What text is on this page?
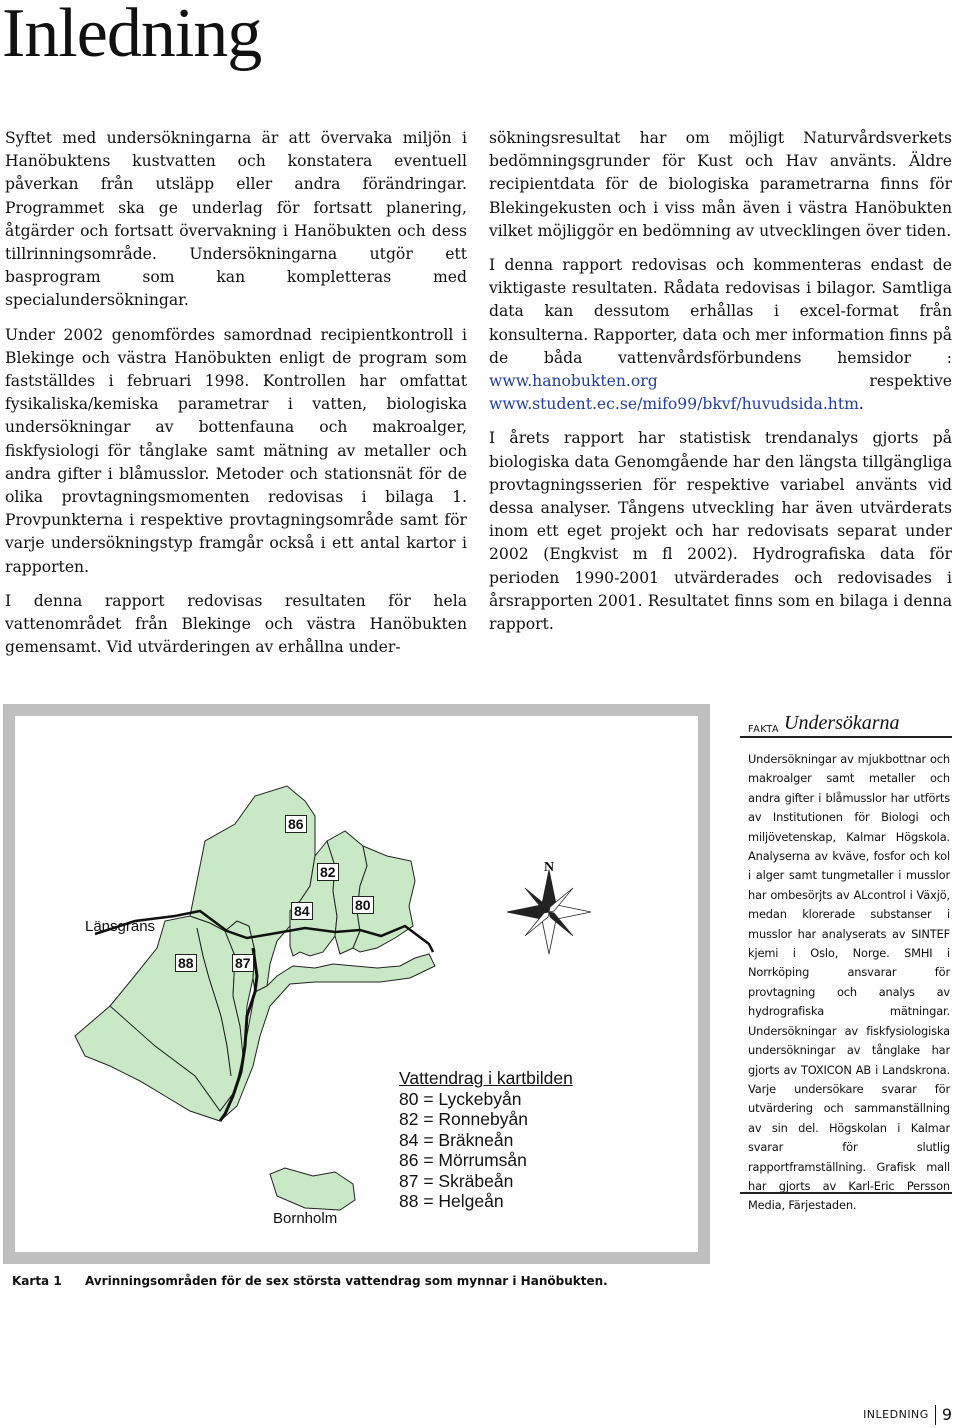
Inledning

Syftet med undersökningarna är att övervaka miljön i Hanöbuktens kustvatten och konstatera eventuell påverkan från utsläpp eller andra förändringar. Programmet ska ge underlag för fortsatt planering, åtgärder och fortsatt övervakning i Hanöbukten och dess tillrinningsområde. Undersökningarna utgör ett basprogram som kan kompletteras med specialundersökningar.

Under 2002 genomfördes samordnad recipientkontroll i Blekinge och västra Hanöbukten enligt de program som fastställdes i februari 1998. Kontrollen har omfattat fysikaliska/kemiska parametrar i vatten, biologiska undersökningar av bottenfauna och makroalger, fiskfysiologi för tånglake samt mätning av metaller och andra gifter i blåmusslor. Metoder och stationsnät för de olika provtagningsmomenten redovisas i bilaga 1. Provpunkterna i respektive provtagningsområde samt för varje undersökningstyp framgår också i ett antal kartor i rapporten.

I denna rapport redovisas resultaten för hela vattenområdet från Blekinge och västra Hanöbukten gemensamt. Vid utvärderingen av erhållna under-

sökningsresultat har om möjligt Naturvårdsverkets bedömningsgrunder för Kust och Hav använts. Äldre recipientdata för de biologiska parametrarna finns för Blekingekusten och i viss mån även i västra Hanöbukten vilket möjliggör en bedömning av utvecklingen över tiden.

I denna rapport redovisas och kommenteras endast de viktigaste resultaten. Rådata redovisas i bilagor. Samtliga data kan dessutom erhållas i excel-format från konsulterna. Rapporter, data och mer information finns på de båda vattenvårdsförbundens hemsidor : www.hanobukten.org respektive www.student.ec.se/mifo99/bkvf/huvudsida.htm.

I årets rapport har statistisk trendanalys gjorts på biologiska data Genomgående har den längsta tillgängliga provtagningsserien för respektive variabel använts vid dessa analyser. Tångens utveckling har även utvärderats inom ett eget projekt och har redovisats separat under 2002 (Engkvist m fl 2002). Hydrografiska data för perioden 1990-2001 utvärderades och redovisades i årsrapporten 2001. Resultatet finns som en bilaga i denna rapport.

86
82
84	80
88	87
Länsgräns
Bornholm
N
Vattendrag i kartbilden
80 = Lyckebyån
82 = Ronnebyån
84 = Bräkneån
86 = Mörrumsån
87 = Skräbeån
88 = Helgeån
FAKTA Undersökarna
Undersökningar av mjukbottnar och makroalger samt metaller och andra gifter i blåmusslor har utförts av Institutionen för Biologi och miljövetenskap, Kalmar Högskola. Analyserna av kväve, fosfor och kol i alger samt tungmetaller i musslor har ombesörjts av ALcontrol i Växjö, medan klorerade substanser i musslor har analyserats av SINTEF kjemi i Oslo, Norge. SMHI i Norrköping ansvarar för provtagning och analys av hydrografiska mätningar. Undersökningar av fiskfysiologiska undersökningar av tånglake har gjorts av TOXICON AB i Landskrona. Varje undersökare svarar för utvärdering och sammanställning av sin del. Högskolan i Kalmar svarar för slutlig rapportframställning. Grafisk mall har gjorts av Karl-Eric Persson Media, Färjestaden.
Karta 1 Avrinningsområden för de sex största vattendrag som mynnar i Hanöbukten.
INLEDNING 9
